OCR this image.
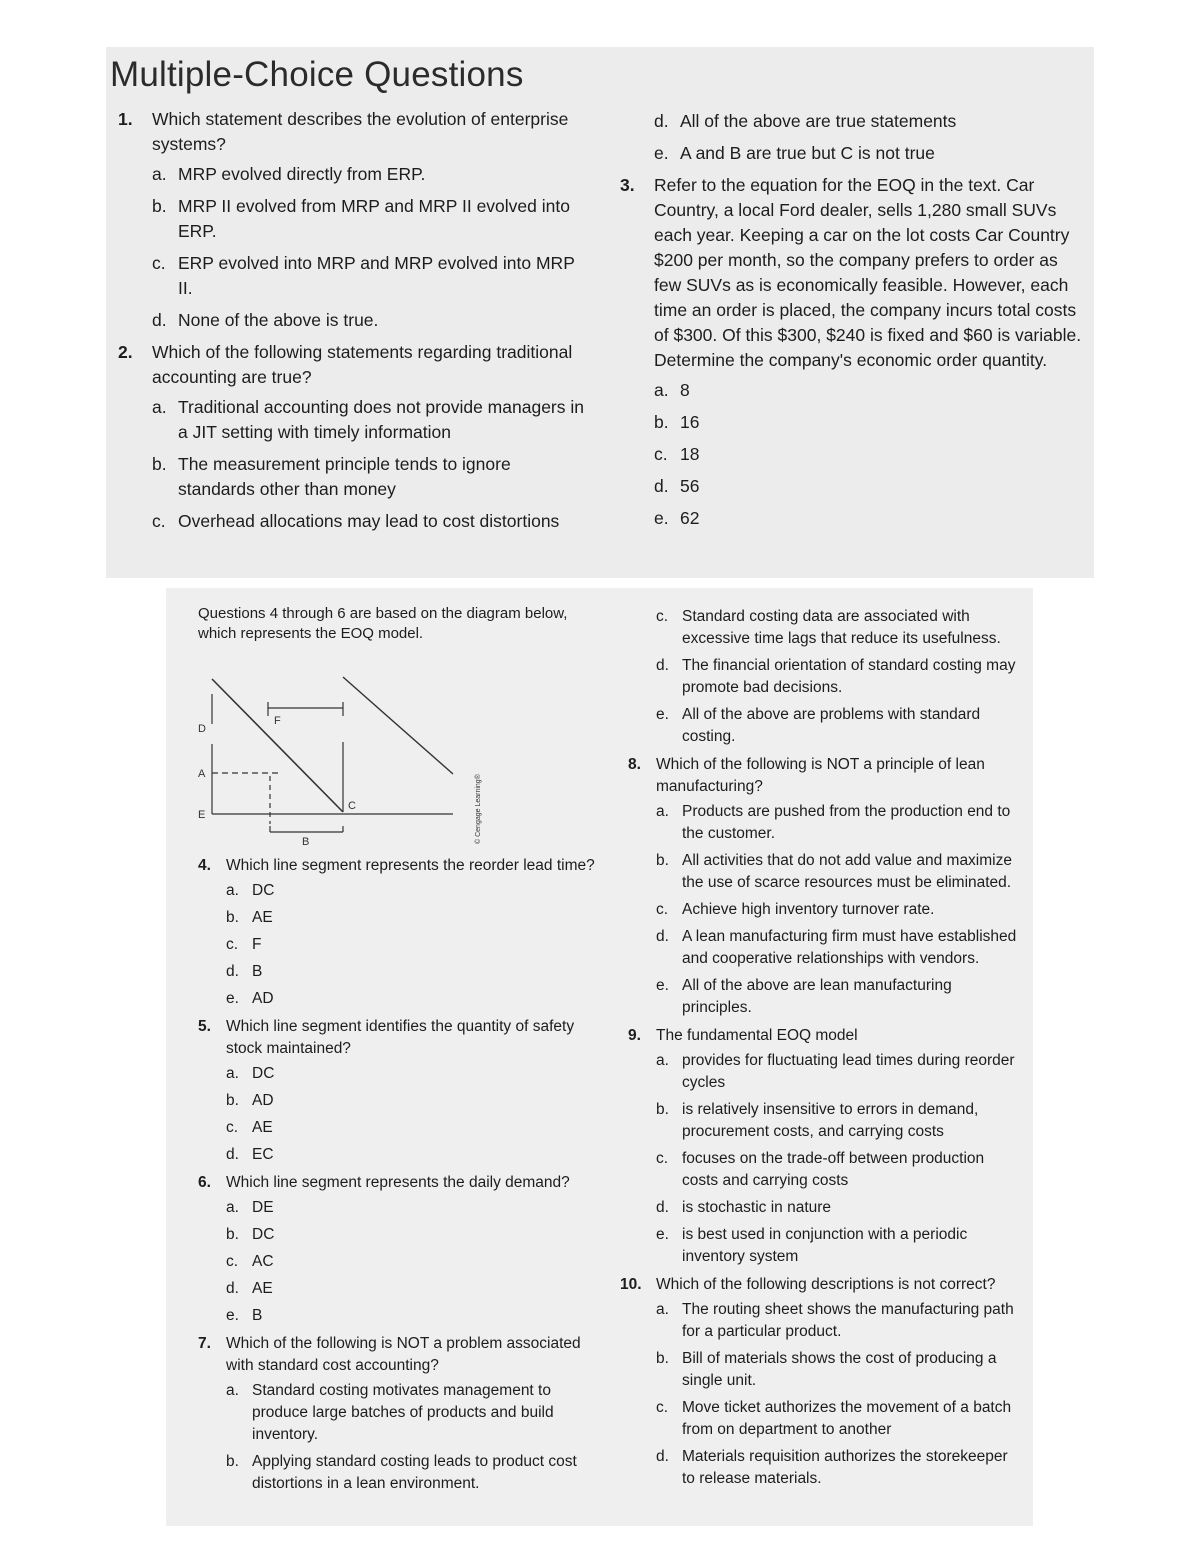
Multiple-Choice Questions
1. Which statement describes the evolution of enterprise systems?
a. MRP evolved directly from ERP.
b. MRP II evolved from MRP and MRP II evolved into ERP.
c. ERP evolved into MRP and MRP evolved into MRP II.
d. None of the above is true.
2. Which of the following statements regarding traditional accounting are true?
a. Traditional accounting does not provide managers in a JIT setting with timely information
b. The measurement principle tends to ignore standards other than money
c. Overhead allocations may lead to cost distortions
d. All of the above are true statements
e. A and B are true but C is not true
3. Refer to the equation for the EOQ in the text. Car Country, a local Ford dealer, sells 1,280 small SUVs each year. Keeping a car on the lot costs Car Country $200 per month, so the company prefers to order as few SUVs as is economically feasible. However, each time an order is placed, the company incurs total costs of $300. Of this $300, $240 is fixed and $60 is variable. Determine the company's economic order quantity.
a. 8
b. 16
c. 18
d. 56
e. 62

Questions 4 through 6 are based on the diagram below, which represents the EOQ model.

D
F
A
E
C
B	© Cengage Learning®
4. Which line segment represents the reorder lead time?
a. DC
b. AE
c. F
d. B
e. AD
5. Which line segment identifies the quantity of safety stock maintained?
a. DC
b. AD
c. AE
d. EC
6. Which line segment represents the daily demand?
a. DE
b. DC
c. AC
d. AE
e. B
7. Which of the following is NOT a problem associated with standard cost accounting?
a. Standard costing motivates management to produce large batches of products and build inventory.
b. Applying standard costing leads to product cost distortions in a lean environment.
c. Standard costing data are associated with excessive time lags that reduce its usefulness.
d. The financial orientation of standard costing may promote bad decisions.
e. All of the above are problems with standard costing.
8. Which of the following is NOT a principle of lean manufacturing?
a. Products are pushed from the production end to the customer.
b. All activities that do not add value and maximize the use of scarce resources must be eliminated.
c. Achieve high inventory turnover rate.
d. A lean manufacturing firm must have established and cooperative relationships with vendors.
e. All of the above are lean manufacturing principles.
9. The fundamental EOQ model
a. provides for fluctuating lead times during reorder cycles
b. is relatively insensitive to errors in demand, procurement costs, and carrying costs
c. focuses on the trade-off between production costs and carrying costs
d. is stochastic in nature
e. is best used in conjunction with a periodic inventory system
10. Which of the following descriptions is not correct?
a. The routing sheet shows the manufacturing path for a particular product.
b. Bill of materials shows the cost of producing a single unit.
c. Move ticket authorizes the movement of a batch from on department to another
d. Materials requisition authorizes the storekeeper to release materials.
